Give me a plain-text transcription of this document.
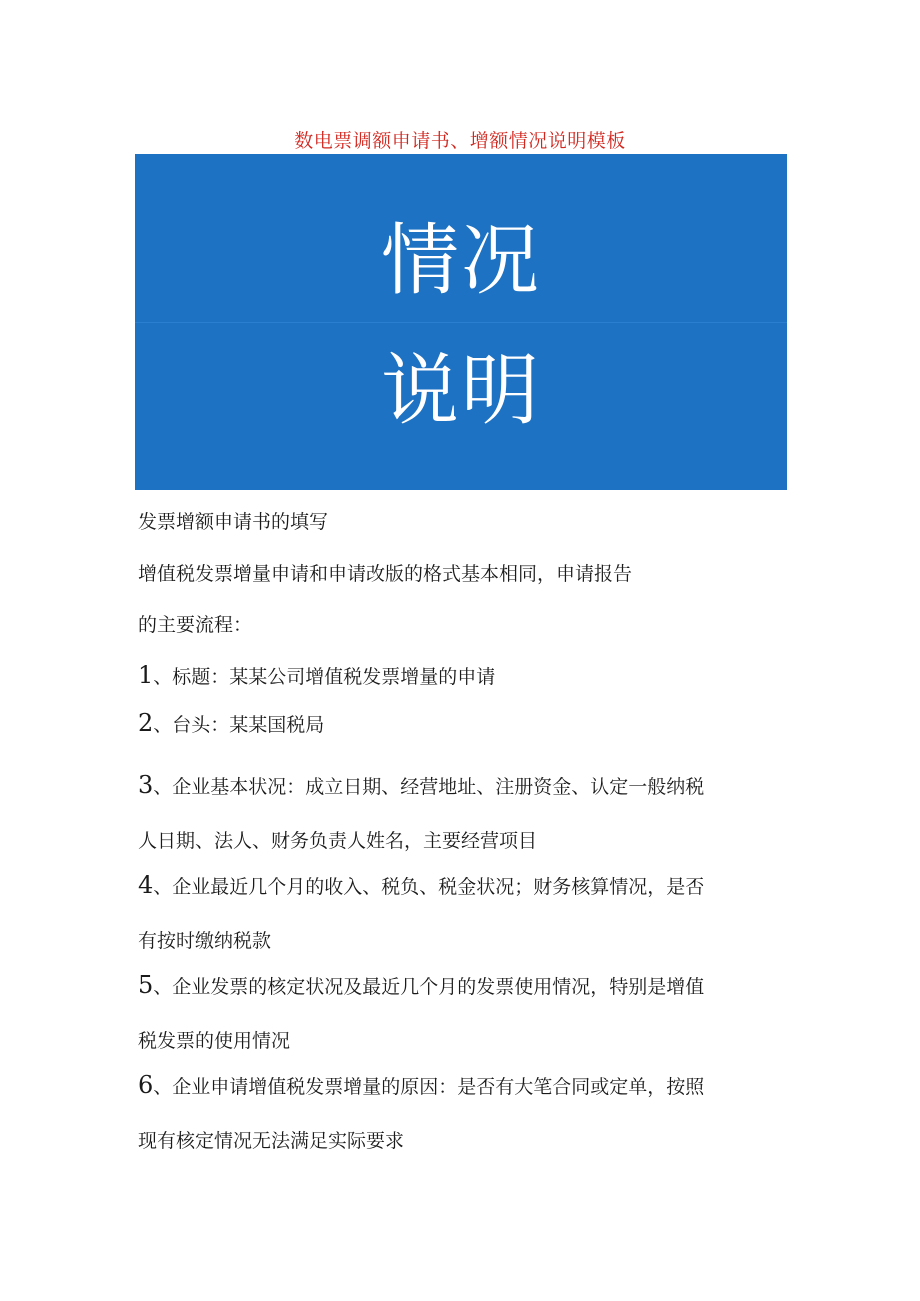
数电票调额申请书、增额情况说明模板
情况
说明
发票增额申请书的填写
增值税发票增量申请和申请改版的格式基本相同，申请报告
的主要流程：
1、标题：某某公司增值税发票增量的申请
2、台头：某某国税局
3、企业基本状况：成立日期、经营地址、注册资金、认定一般纳税
人日期、法人、财务负责人姓名，主要经营项目
4、企业最近几个月的收入、税负、税金状况；财务核算情况，是否
有按时缴纳税款
5、企业发票的核定状况及最近几个月的发票使用情况，特别是增值
税发票的使用情况
6、企业申请增值税发票增量的原因：是否有大笔合同或定单，按照
现有核定情况无法满足实际要求
